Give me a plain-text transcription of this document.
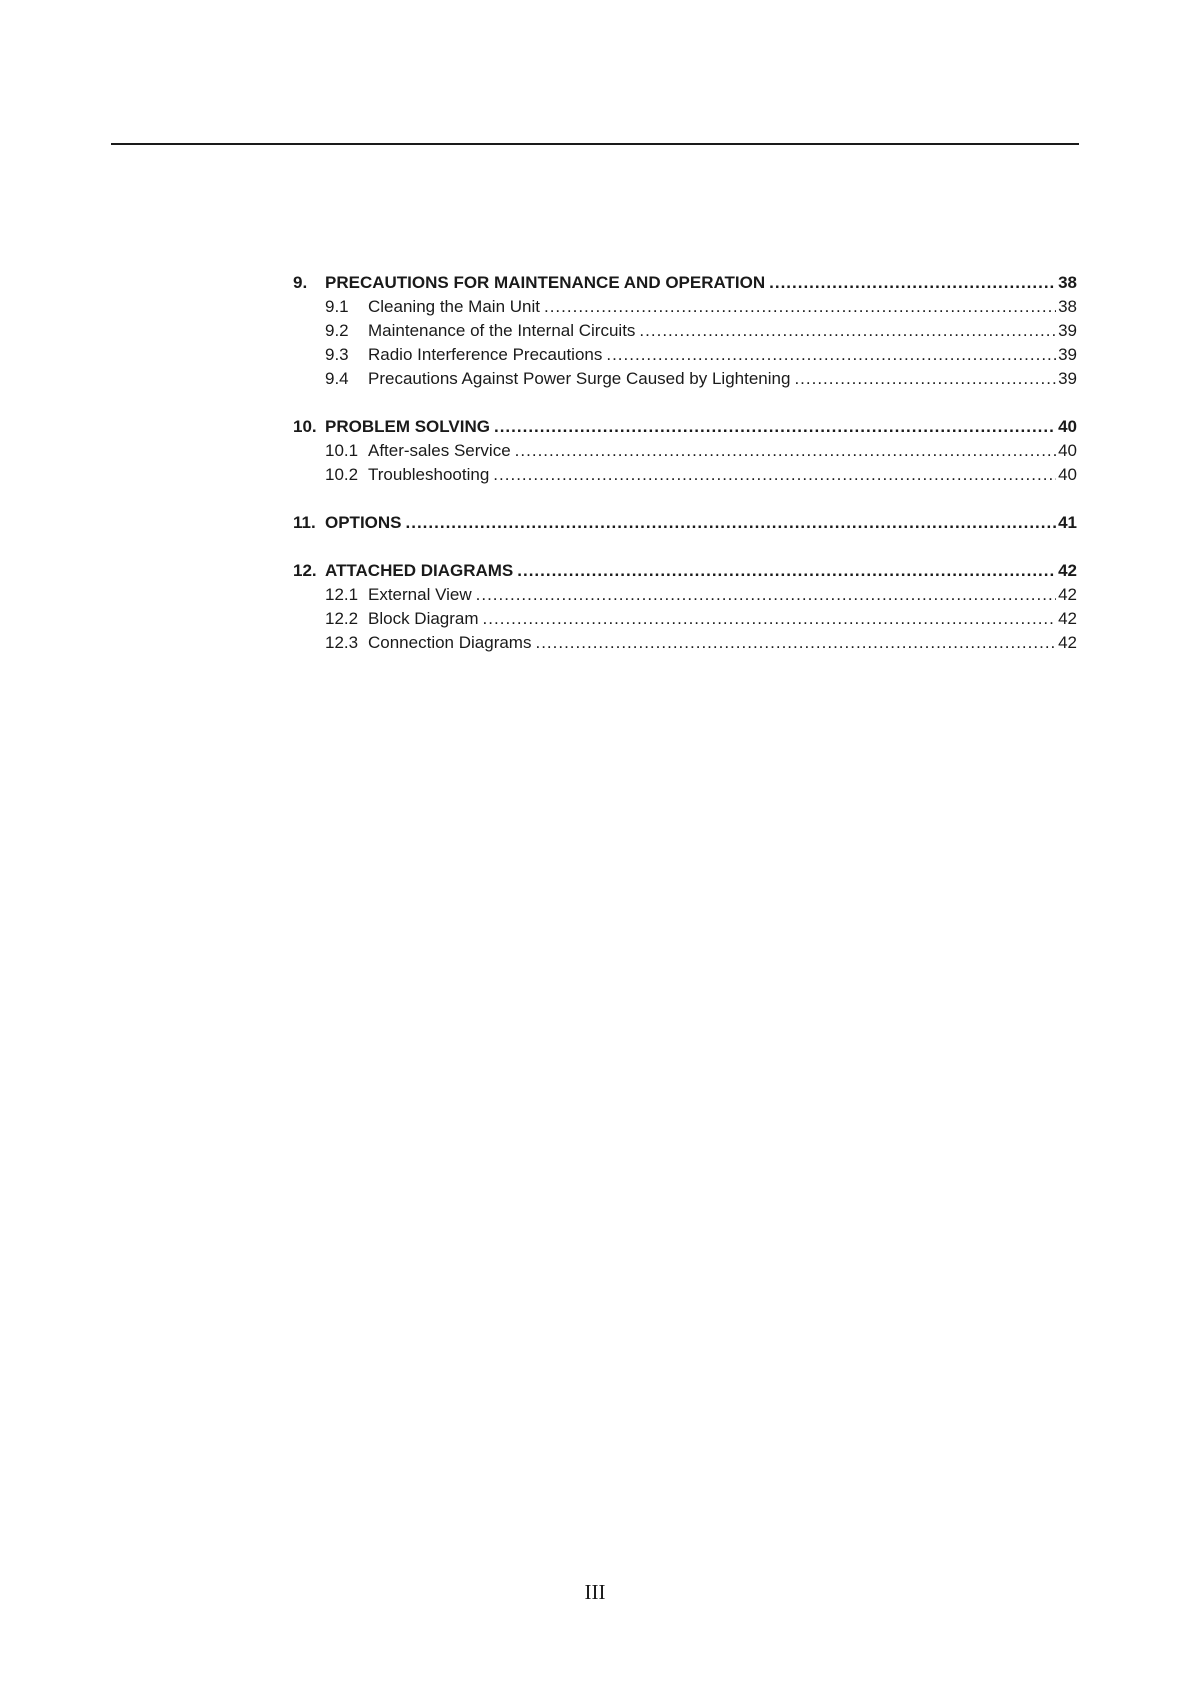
9.	PRECAUTIONS FOR MAINTENANCE AND OPERATION .....	38
9.1	Cleaning the Main Unit .....	38
9.2	Maintenance of the Internal Circuits .....	39
9.3	Radio Interference Precautions .....	39
9.4	Precautions Against Power Surge Caused by Lightening .....	39
10. PROBLEM SOLVING .....	40
10.1 After-sales Service .....	40
10.2 Troubleshooting .....	40
11. OPTIONS .....	41
12. ATTACHED DIAGRAMS .....	42
12.1 External View .....	42
12.2 Block Diagram .....	42
12.3 Connection Diagrams .....	42
III
